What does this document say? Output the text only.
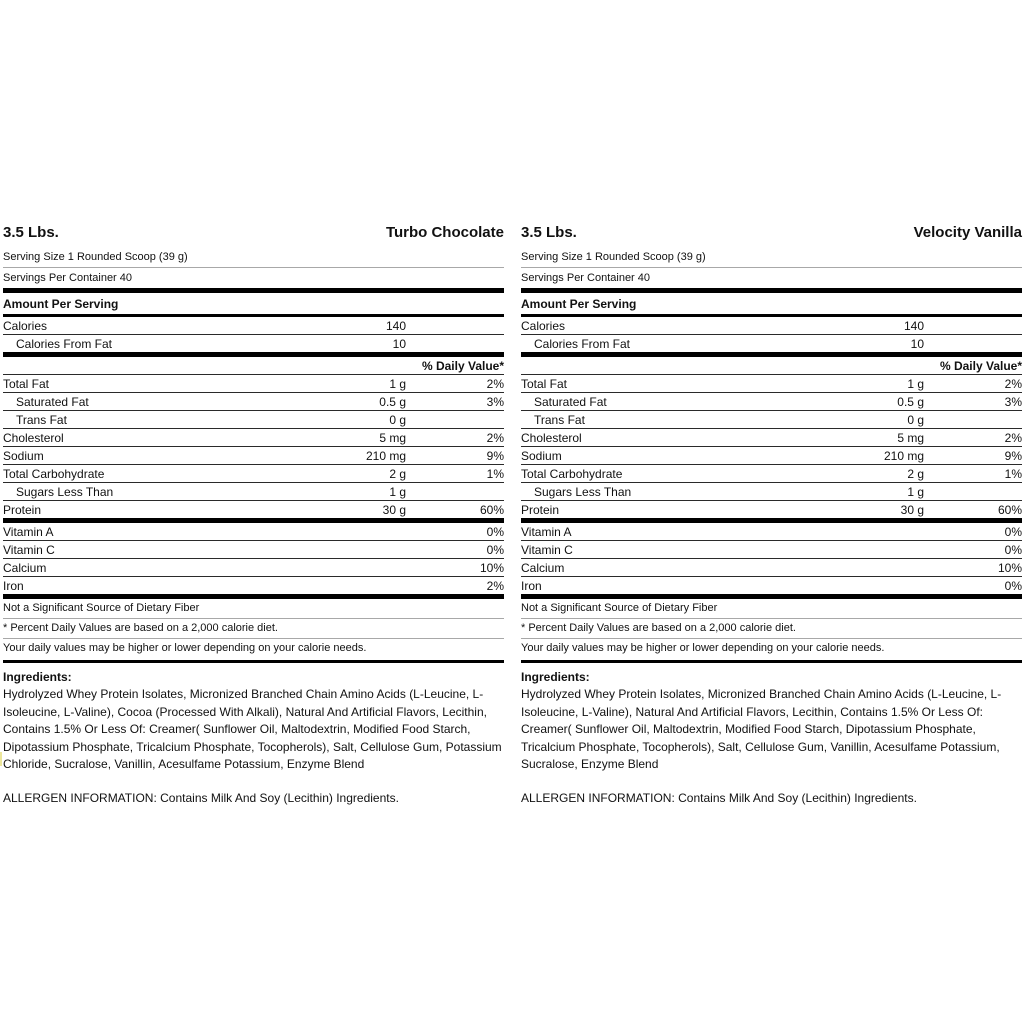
3.5 Lbs.	Turbo Chocolate
Serving Size 1 Rounded Scoop (39 g)
Servings Per Container 40
Amount Per Serving
Calories	140
Calories From Fat	10
% Daily Value*
Total Fat	1 g	2%
Saturated Fat	0.5 g	3%
Trans Fat	0 g
Cholesterol	5 mg	2%
Sodium	210 mg	9%
Total Carbohydrate	2 g	1%
Sugars Less Than	1 g
Protein	30 g	60%
Vitamin A	0%
Vitamin C	0%
Calcium	10%
Iron	2%
Not a Significant Source of Dietary Fiber
* Percent Daily Values are based on a 2,000 calorie diet.
Your daily values may be higher or lower depending on your calorie needs.
Ingredients:
Hydrolyzed Whey Protein Isolates, Micronized Branched Chain Amino Acids (L-Leucine, L-Isoleucine, L-Valine), Cocoa (Processed With Alkali), Natural And Artificial Flavors, Lecithin, Contains 1.5% Or Less Of: Creamer( Sunflower Oil, Maltodextrin, Modified Food Starch, Dipotassium Phosphate, Tricalcium Phosphate, Tocopherols), Salt, Cellulose Gum, Potassium Chloride, Sucralose, Vanillin, Acesulfame Potassium, Enzyme Blend
ALLERGEN INFORMATION: Contains Milk And Soy (Lecithin) Ingredients.
3.5 Lbs.	Velocity Vanilla
Serving Size 1 Rounded Scoop (39 g)
Servings Per Container 40
Amount Per Serving
Calories	140
Calories From Fat	10
% Daily Value*
Total Fat	1 g	2%
Saturated Fat	0.5 g	3%
Trans Fat	0 g
Cholesterol	5 mg	2%
Sodium	210 mg	9%
Total Carbohydrate	2 g	1%
Sugars Less Than	1 g
Protein	30 g	60%
Vitamin A	0%
Vitamin C	0%
Calcium	10%
Iron	0%
Not a Significant Source of Dietary Fiber
* Percent Daily Values are based on a 2,000 calorie diet.
Your daily values may be higher or lower depending on your calorie needs.
Ingredients:
Hydrolyzed Whey Protein Isolates, Micronized Branched Chain Amino Acids (L-Leucine, L-Isoleucine, L-Valine), Natural And Artificial Flavors, Lecithin, Contains 1.5% Or Less Of: Creamer( Sunflower Oil, Maltodextrin, Modified Food Starch, Dipotassium Phosphate, Tricalcium Phosphate, Tocopherols), Salt, Cellulose Gum, Vanillin, Acesulfame Potassium, Sucralose, Enzyme Blend
ALLERGEN INFORMATION: Contains Milk And Soy (Lecithin) Ingredients.
